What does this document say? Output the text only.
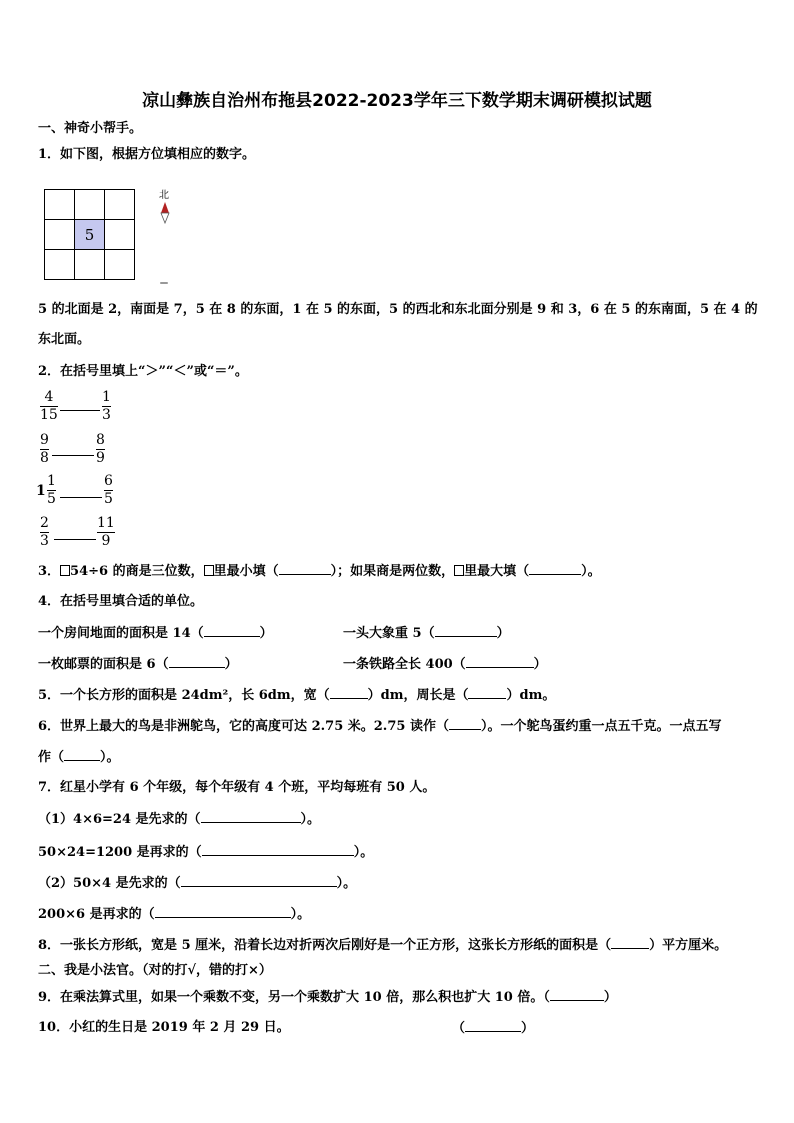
凉山彝族自治州布拖县2022-2023学年三下数学期末调研模拟试题
一、神奇小帮手。
1．如下图，根据方位填相应的数字。

	5	

北
5 的北面是 2，南面是 7，5 在 8 的东面，1 在 5 的东面，5 的西北和东北面分别是 9 和 3，6 在 5 的东南面，5 在 4 的
东北面。
2．在括号里填上“＞”“＜”或“＝”。
4
15
1
3
9
8
8
9
1
1
5
6
5
2
3
11
9
3． 54÷6 的商是三位数， 里最小填（	）；如果商是两位数， 里最大填（	）。
4．在括号里填合适的单位。
一个房间地面的面积是 14（	）	一头大象重 5（	）
一枚邮票的面积是 6（	）	一条铁路全长 400（	）
5．一个长方形的面积是 24dm²，长 6dm，宽（	）dm，周长是（	）dm。
6．世界上最大的鸟是非洲鸵鸟，它的高度可达 2.75 米。2.75 读作（ ）。一个鸵鸟蛋约重一点五千克。一点五写
作（	）。
7．红星小学有 6 个年级，每个年级有 4 个班，平均每班有 50 人。
（1）4×6=24 是先求的（	）。
50×24=1200 是再求的（	）。
（2）50×4 是先求的（	）。
200×6 是再求的（	）。
8．一张长方形纸，宽是 5 厘米，沿着长边对折两次后刚好是一个正方形，这张长方形纸的面积是（	）平方厘米。
二、我是小法官。（对的打√，错的打×）
9．在乘法算式里，如果一个乘数不变，另一个乘数扩大 10 倍，那么积也扩大 10 倍。（	）
10．小红的生日是 2019 年 2 月 29 日。	（	）
